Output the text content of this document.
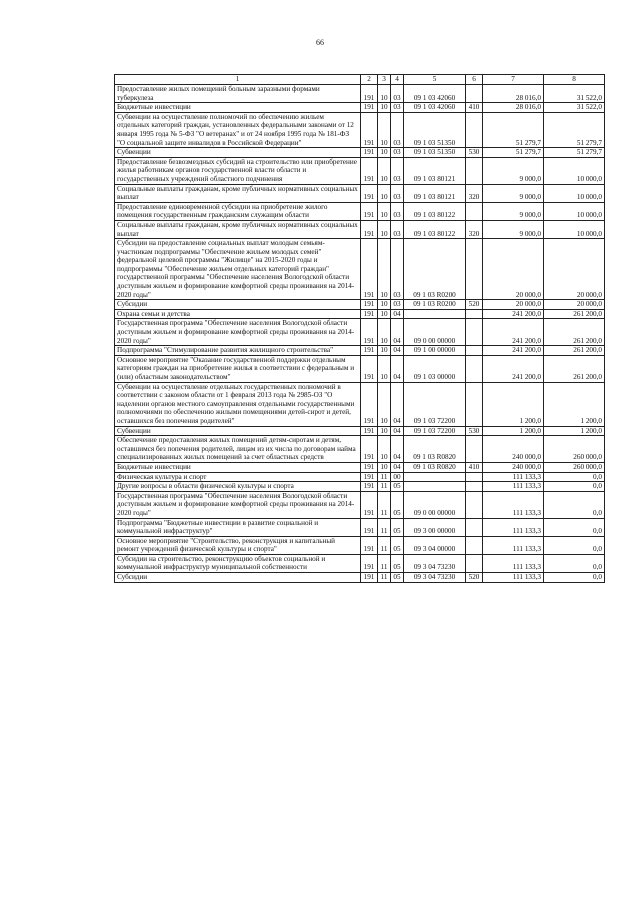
66
1	2	3	4	5	6	7	8
Предоставление жилых помещений больным заразными формами туберкулеза	191	10	03	09 1 03 42060		28 016,0	31 522,0
Бюджетные инвестиции	191	10	03	09 1 03 42060	410	28 016,0	31 522,0
Субвенции на осуществление полномочий по обеспечению жильем отдельных категорий граждан, установленных федеральными законами от 12 января 1995 года № 5-ФЗ "О ветеранах" и от 24 ноября 1995 года № 181-ФЗ "О социальной защите инвалидов в Российской Федерации"	191	10	03	09 1 03 51350		51 279,7	51 279,7
Субвенции	191	10	03	09 1 03 51350	530	51 279,7	51 279,7
Предоставление безвозмездных субсидий на строительство или приобретение жилья работникам органов государственной власти области и государственных учреждений областного подчинения	191	10	03	09 1 03 80121		9 000,0	10 000,0
Социальные выплаты гражданам, кроме публичных нормативных социальных выплат	191	10	03	09 1 03 80121	320	9 000,0	10 000,0
Предоставление единовременной субсидии на приобретение жилого помещения государственным гражданским служащим области	191	10	03	09 1 03 80122		9 000,0	10 000,0
Социальные выплаты гражданам, кроме публичных нормативных социальных выплат	191	10	03	09 1 03 80122	320	9 000,0	10 000,0
Субсидии на предоставление социальных выплат молодым семьям-участникам подпрограммы "Обеспечение жильем молодых семей" федеральной целевой программы "Жилище" на 2015-2020 годы и подпрограммы "Обеспечение жильем отдельных категорий граждан" государственной программы "Обеспечение населения Вологодской области доступным жильем и формирование комфортной среды проживания на 2014-2020 годы"	191	10	03	09 1 03 R0200		20 000,0	20 000,0
Субсидии	191	10	03	09 1 03 R0200	520	20 000,0	20 000,0
Охрана семьи и детства	191	10	04			241 200,0	261 200,0
Государственная программа "Обеспечение населения Вологодской области доступным жильем и формирование комфортной среды проживания на 2014-2020 годы"	191	10	04	09 0 00 00000		241 200,0	261 200,0
Подпрограмма "Стимулирование развития жилищного строительства"	191	10	04	09 1 00 00000		241 200,0	261 200,0
Основное мероприятие "Оказание государственной поддержки отдельным категориям граждан на приобретение жилья в соответствии с федеральным и (или) областным законодательством"	191	10	04	09 1 03 00000		241 200,0	261 200,0
Субвенции на осуществление отдельных государственных полномочий в соответствии с законом области от 1 февраля 2013 года № 2985-ОЗ "О наделении органов местного самоуправления отдельными государственными полномочиями по обеспечению жилыми помещениями детей-сирот и детей, оставшихся без попечения родителей"	191	10	04	09 1 03 72200		1 200,0	1 200,0
Субвенции	191	10	04	09 1 03 72200	530	1 200,0	1 200,0
Обеспечение предоставления жилых помещений детям-сиротам и детям, оставшимся без попечения родителей, лицам из их числа по договорам найма специализированных жилых помещений за счет областных средств	191	10	04	09 1 03 R0820		240 000,0	260 000,0
Бюджетные инвестиции	191	10	04	09 1 03 R0820	410	240 000,0	260 000,0
Физическая культура и спорт	191	11	00			111 133,3	0,0
Другие вопросы в области физической культуры и спорта	191	11	05			111 133,3	0,0
Государственная программа "Обеспечение населения Вологодской области доступным жильем и формирование комфортной среды проживания на 2014-2020 годы"	191	11	05	09 0 00 00000		111 133,3	0,0
Подпрограмма "Бюджетные инвестиции в развитие социальной и коммунальной инфраструктур"	191	11	05	09 3 00 00000		111 133,3	0,0
Основное мероприятие "Строительство, реконструкция и капитальный ремонт учреждений физической культуры и спорта"	191	11	05	09 3 04 00000		111 133,3	0,0
Субсидии на строительство, реконструкцию объектов социальной и коммунальной инфраструктур муниципальной собственности	191	11	05	09 3 04 73230		111 133,3	0,0
Субсидии	191	11	05	09 3 04 73230	520	111 133,3	0,0
